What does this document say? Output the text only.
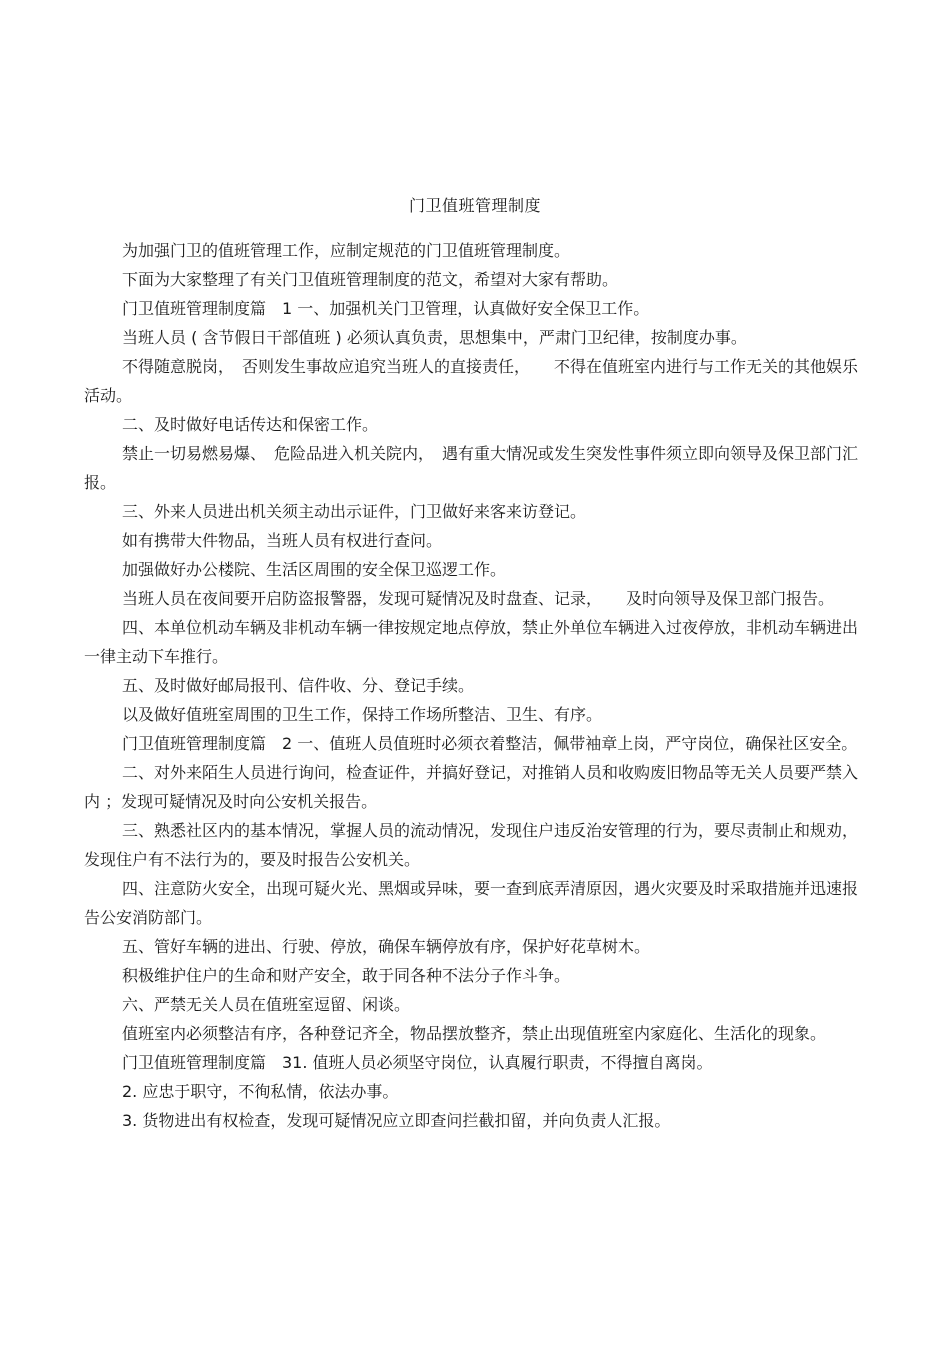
门卫值班管理制度

为加强门卫的值班管理工作，应制定规范的门卫值班管理制度。

下面为大家整理了有关门卫值班管理制度的范文，希望对大家有帮助。

门卫值班管理制度篇　1 一、加强机关门卫管理，认真做好安全保卫工作。

当班人员 ( 含节假日干部值班 ) 必须认真负责，思想集中，严肃门卫纪律，按制度办事。

不得随意脱岗，　否则发生事故应追究当班人的直接责任，　　不得在值班室内进行与工作无关的其他娱乐活动。

二、及时做好电话传达和保密工作。

禁止一切易燃易爆、　危险品进入机关院内，　遇有重大情况或发生突发性事件须立即向领导及保卫部门汇报。

三、外来人员进出机关须主动出示证件，门卫做好来客来访登记。

如有携带大件物品，当班人员有权进行查问。

加强做好办公楼院、生活区周围的安全保卫巡逻工作。

当班人员在夜间要开启防盗报警器，发现可疑情况及时盘查、记录，　　及时向领导及保卫部门报告。

四、本单位机动车辆及非机动车辆一律按规定地点停放，禁止外单位车辆进入过夜停放，非机动车辆进出一律主动下车推行。

五、及时做好邮局报刊、信件收、分、登记手续。

以及做好值班室周围的卫生工作，保持工作场所整洁、卫生、有序。

门卫值班管理制度篇　2 一、值班人员值班时必须衣着整洁，佩带袖章上岗，严守岗位，确保社区安全。

二、对外来陌生人员进行询问，检查证件，并搞好登记，对推销人员和收购废旧物品等无关人员要严禁入内 ；发现可疑情况及时向公安机关报告。

三、熟悉社区内的基本情况，掌握人员的流动情况，发现住户违反治安管理的行为，要尽责制止和规劝，发现住户有不法行为的，要及时报告公安机关。

四、注意防火安全，出现可疑火光、黑烟或异味，要一查到底弄清原因，遇火灾要及时采取措施并迅速报告公安消防部门。

五、管好车辆的进出、行驶、停放，确保车辆停放有序，保护好花草树木。

积极维护住户的生命和财产安全，敢于同各种不法分子作斗争。

六、严禁无关人员在值班室逗留、闲谈。

值班室内必须整洁有序，各种登记齐全，物品摆放整齐，禁止出现值班室内家庭化、生活化的现象。

门卫值班管理制度篇　31. 值班人员必须坚守岗位，认真履行职责，不得擅自离岗。

2. 应忠于职守，不徇私情，依法办事。

3. 货物进出有权检查，发现可疑情况应立即查问拦截扣留，并向负责人汇报。
